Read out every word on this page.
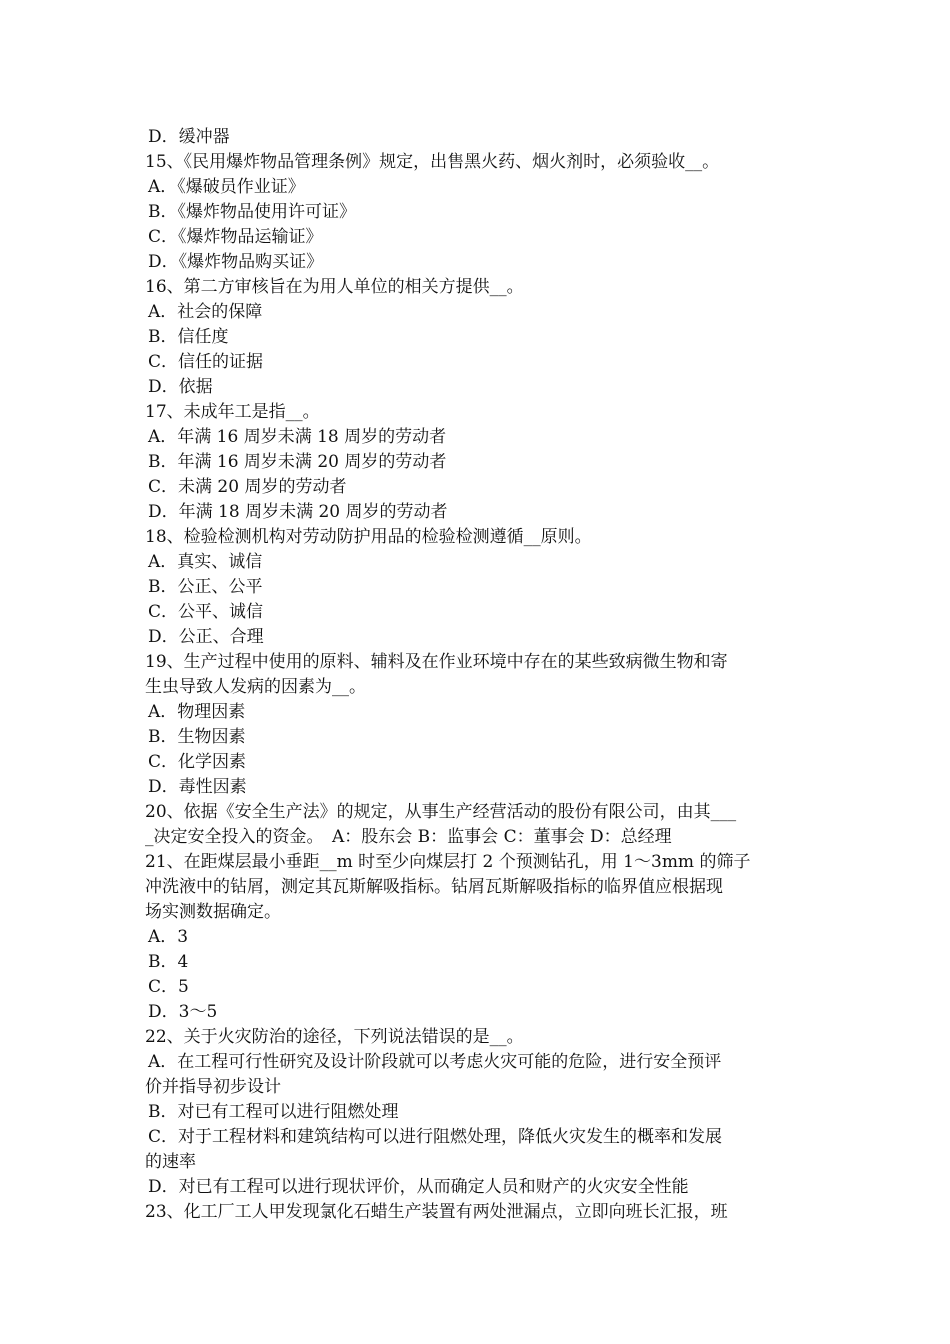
D．缓冲器
15、《民用爆炸物品管理条例》规定，出售黑火药、烟火剂时，必须验收__。
A．《爆破员作业证》
B．《爆炸物品使用许可证》
C．《爆炸物品运输证》
D．《爆炸物品购买证》
16、第二方审核旨在为用人单位的相关方提供__。
A．社会的保障
B．信任度
C．信任的证据
D．依据
17、未成年工是指__。
A．年满 16 周岁未满 18 周岁的劳动者
B．年满 16 周岁未满 20 周岁的劳动者
C．未满 20 周岁的劳动者
D．年满 18 周岁未满 20 周岁的劳动者
18、检验检测机构对劳动防护用品的检验检测遵循__原则。
A．真实、诚信
B．公正、公平
C．公平、诚信
D．公正、合理
19、生产过程中使用的原料、辅料及在作业环境中存在的某些致病微生物和寄
生虫导致人发病的因素为__。
A．物理因素
B．生物因素
C．化学因素
D．毒性因素
20、依据《安全生产法》的规定，从事生产经营活动的股份有限公司，由其___
_决定安全投入的资金。　A：股东会 B：监事会 C：董事会 D：总经理
21、在距煤层最小垂距__m 时至少向煤层打 2 个预测钻孔，用 1～3mm 的筛子
冲洗液中的钻屑，测定其瓦斯解吸指标。钻屑瓦斯解吸指标的临界值应根据现
场实测数据确定。
A．3
B．4
C．5
D．3～5
22、关于火灾防治的途径，下列说法错误的是__。
A．在工程可行性研究及设计阶段就可以考虑火灾可能的危险，进行安全预评
价并指导初步设计
B．对已有工程可以进行阻燃处理
C．对于工程材料和建筑结构可以进行阻燃处理，降低火灾发生的概率和发展
的速率
D．对已有工程可以进行现状评价，从而确定人员和财产的火灾安全性能
23、化工厂工人甲发现氯化石蜡生产装置有两处泄漏点，立即向班长汇报，班
